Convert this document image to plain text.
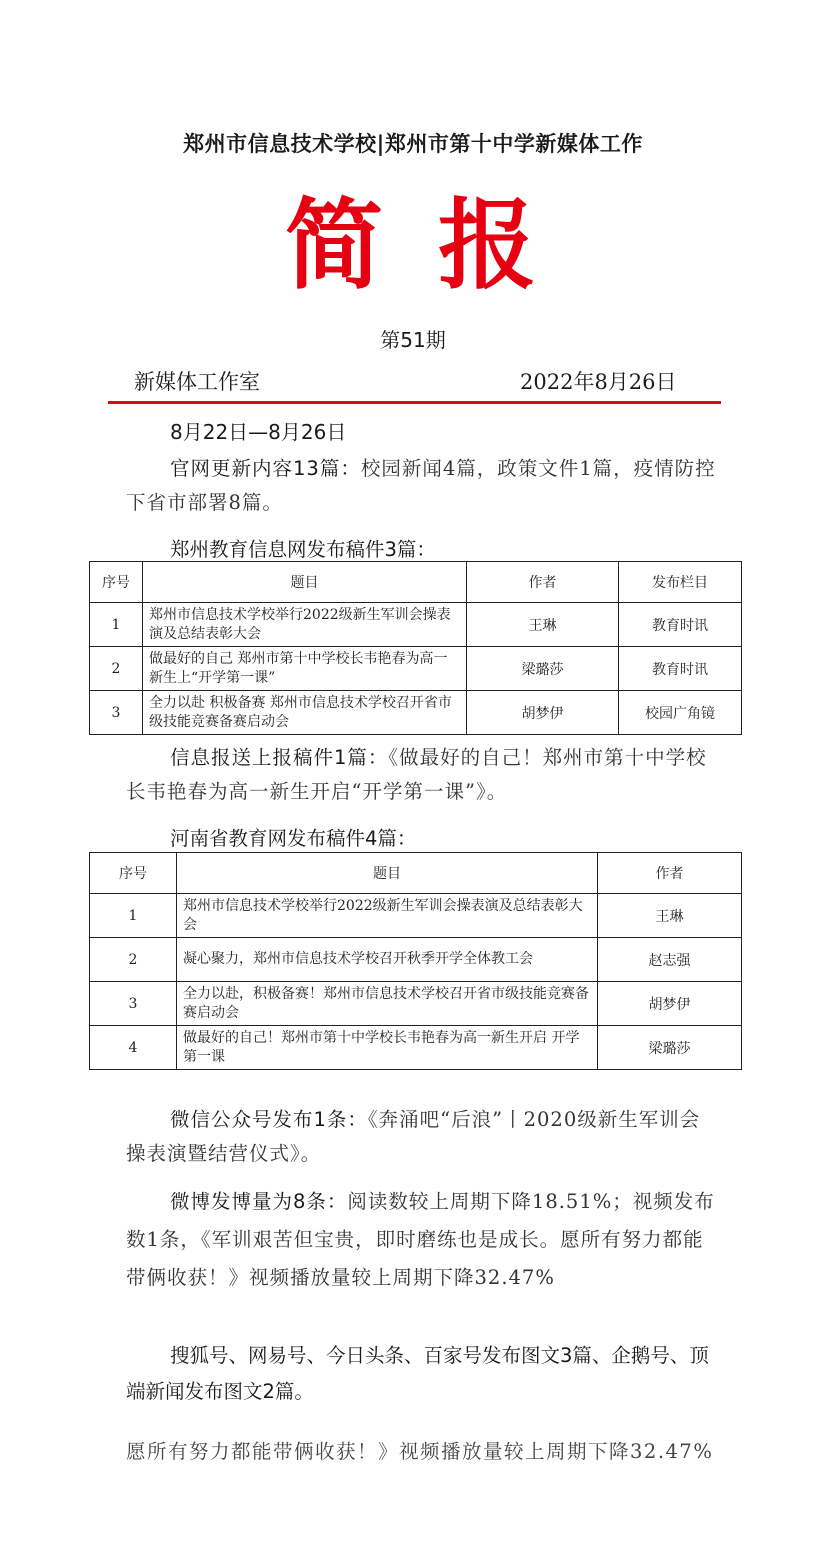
郑州市信息技术学校|郑州市第十中学新媒体工作
简报
第51期
新媒体工作室	2022年8月26日
8月22日—8月26日
官网更新内容13篇：校园新闻4篇，政策文件1篇，疫情防控下省市部署8篇。
郑州教育信息网发布稿件3篇：
序号	题目	作者	发布栏目
1	郑州市信息技术学校举行2022级新生军训会操表演及总结表彰大会	王琳	教育时讯
2	做最好的自己 郑州市第十中学校长韦艳春为高一新生上“开学第一课”	梁璐莎	教育时讯
3	全力以赴 积极备赛 郑州市信息技术学校召开省市级技能竞赛备赛启动会	胡梦伊	校园广角镜
信息报送上报稿件1篇：《做最好的自己！郑州市第十中学校长韦艳春为高一新生开启“开学第一课”》。
河南省教育网发布稿件4篇：
序号	题目	作者
1	郑州市信息技术学校举行2022级新生军训会操表演及总结表彰大会	王琳
2	凝心聚力，郑州市信息技术学校召开秋季开学全体教工会	赵志强
3	全力以赴，积极备赛！郑州市信息技术学校召开省市级技能竞赛备赛启动会	胡梦伊
4	做最好的自己！郑州市第十中学校长韦艳春为高一新生开启 开学第一课	梁璐莎
微信公众号发布1条：《奔涌吧“后浪”丨2020级新生军训会操表演暨结营仪式》。
微博发博量为8条：阅读数较上周期下降18.51%；视频发布数1条，《军训艰苦但宝贵，即时磨练也是成长。愿所有努力都能带俩收获！》视频播放量较上周期下降32.47%
搜狐号、网易号、今日头条、百家号发布图文3篇、企鹅号、顶端新闻发布图文2篇。
愿所有努力都能带俩收获！》视频播放量较上周期下降32.47%
